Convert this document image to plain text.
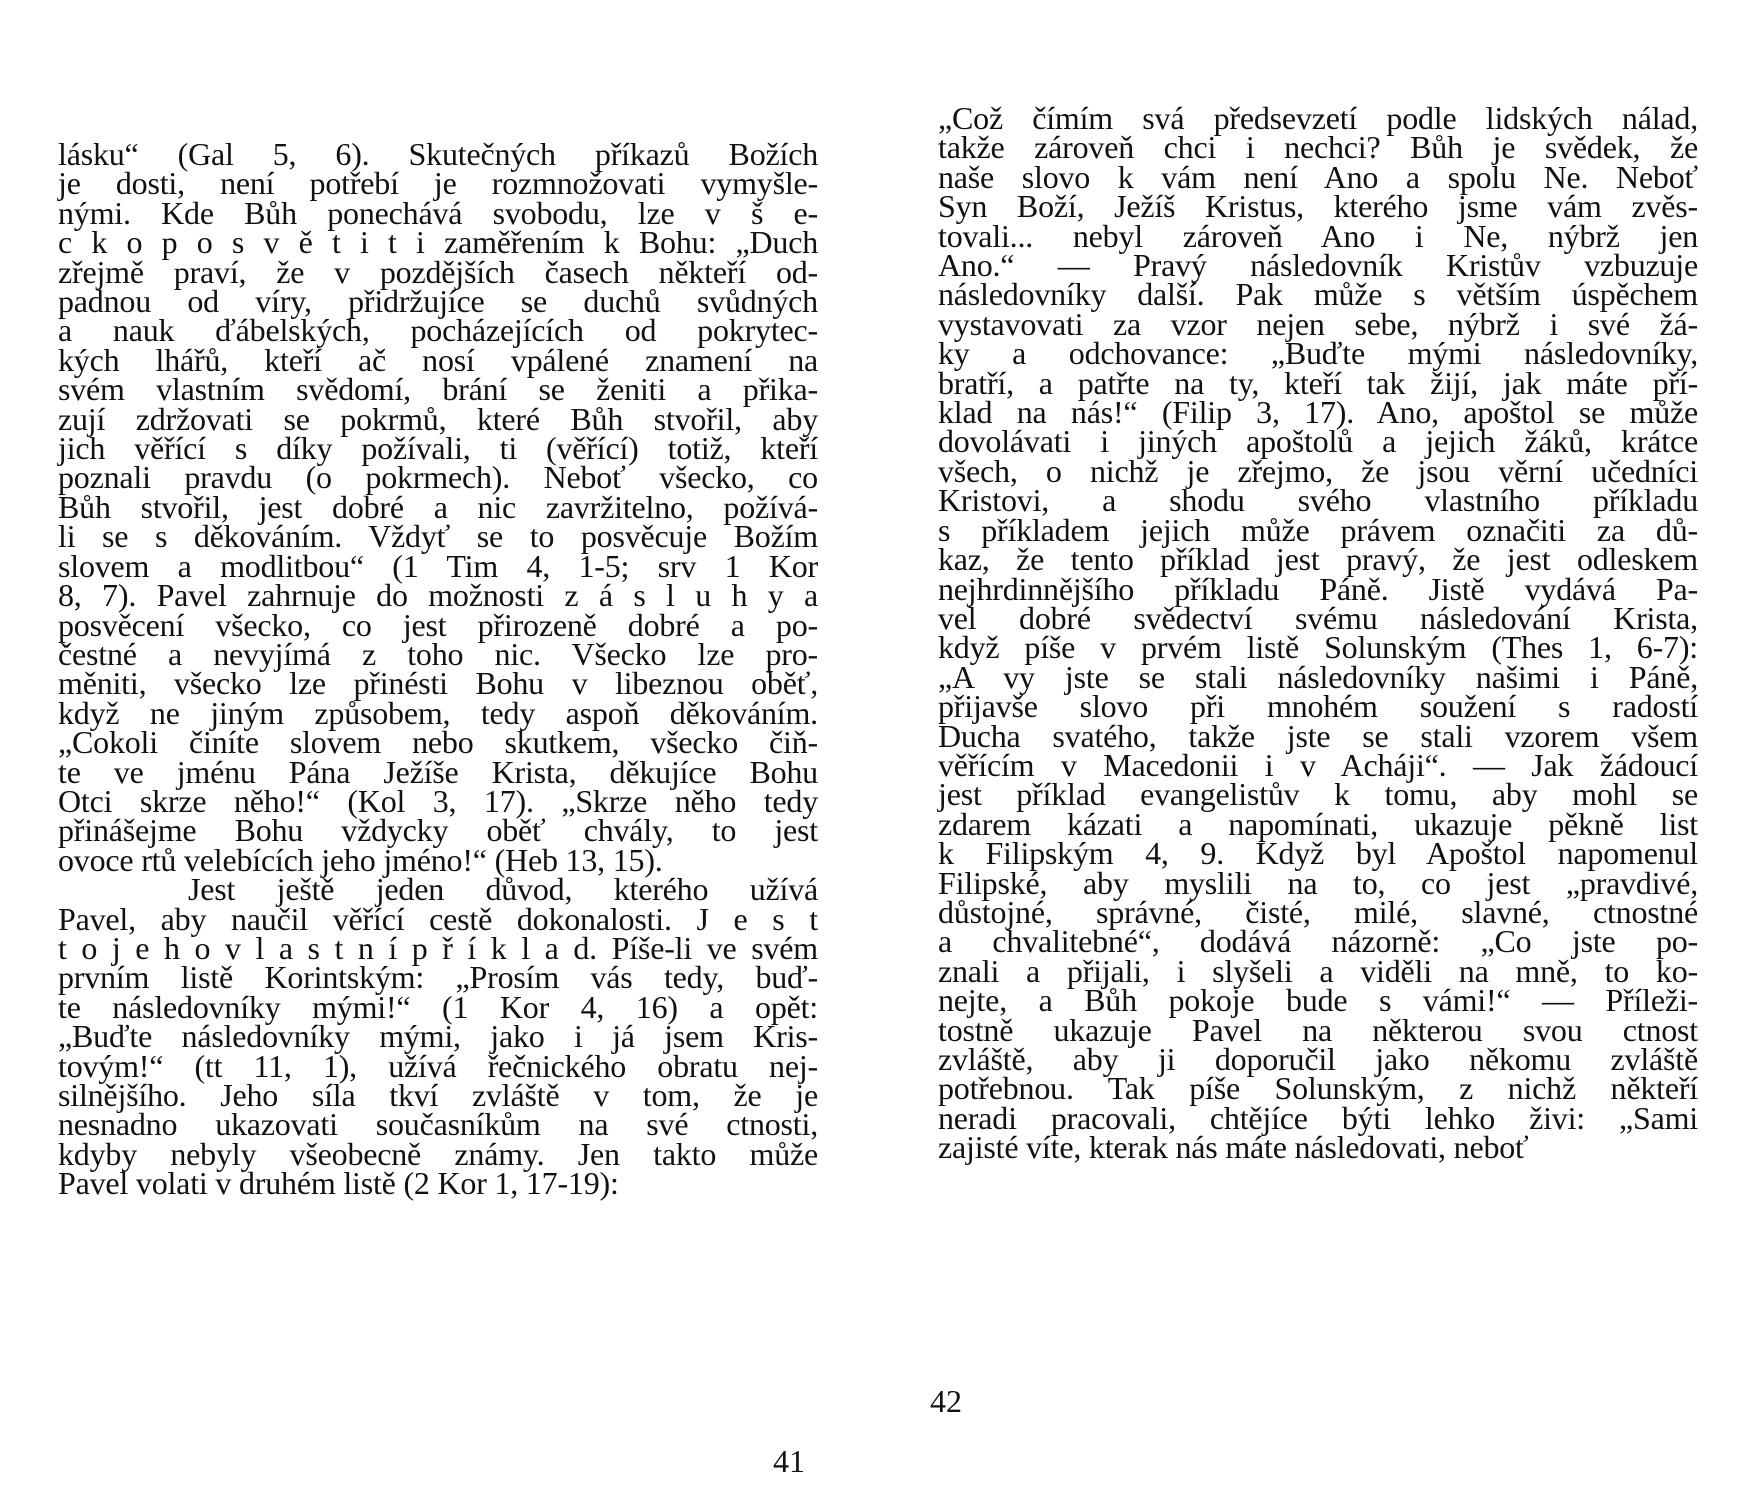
lásku“ (Gal 5, 6). Skutečných příkazů Božích
je dosti, není potřebí je rozmnožovati vymyšle-
nými. Kde Bůh ponechává svobodu, lze v š e-
c k o p o s v ě t i t i zaměřením k Bohu: „Duch
zřejmě praví, že v pozdějších časech někteří od-
padnou od víry, přidržujíce se duchů svůdných
a nauk ďábelských, pocházejících od pokrytec-
kých lhářů, kteří ač nosí vpálené znamení na
svém vlastním svědomí, brání se ženiti a přika-
zují zdržovati se pokrmů, které Bůh stvořil, aby
jich věřící s díky požívali, ti (věřící) totiž, kteří
poznali pravdu (o pokrmech). Neboť všecko, co
Bůh stvořil, jest dobré a nic zavržitelno, požívá-
li se s děkováním. Vždyť se to posvěcuje Božím
slovem a modlitbou“ (1 Tim 4, 1-5; srv 1 Kor
8, 7). Pavel zahrnuje do možnosti z á s l u h y a
posvěcení všecko, co jest přirozeně dobré a po-
čestné a nevyjímá z toho nic. Všecko lze pro-
měniti, všecko lze přinésti Bohu v libeznou oběť,
když ne jiným způsobem, tedy aspoň děkováním.
„Cokoli činíte slovem nebo skutkem, všecko čiň-
te ve jménu Pána Ježíše Krista, děkujíce Bohu
Otci skrze něho!“ (Kol 3, 17). „Skrze něho tedy
přinášejme Bohu vždycky oběť chvály, to jest
ovoce rtů velebících jeho jméno!“ (Heb 13, 15).
Jest ještě jeden důvod, kterého užívá
Pavel, aby naučil věřící cestě dokonalosti. J e s t
t o j e h o v l a s t n í p ř í k l a d. Píše-li ve svém
prvním listě Korintským: „Prosím vás tedy, buď-
te následovníky mými!“ (1 Kor 4, 16) a opět:
„Buďte následovníky mými, jako i já jsem Kris-
tovým!“ (tt 11, 1), užívá řečnického obratu nej-
silnějšího. Jeho síla tkví zvláště v tom, že je
nesnadno ukazovati současníkům na své ctnosti,
kdyby nebyly všeobecně známy. Jen takto může
Pavel volati v druhém listě (2 Kor 1, 17-19):
41
„Což čímím svá předsevzetí podle lidských nálad,
takže zároveň chci i nechci? Bůh je svědek, že
naše slovo k vám není Ano a spolu Ne. Neboť
Syn Boží, Ježíš Kristus, kterého jsme vám zvěs-
tovali... nebyl zároveň Ano i Ne, nýbrž jen
Ano.“ — Pravý následovník Kristův vzbuzuje
následovníky další. Pak může s větším úspěchem
vystavovati za vzor nejen sebe, nýbrž i své žá-
ky a odchovance: „Buďte mými následovníky,
bratří, a patřte na ty, kteří tak žijí, jak máte pří-
klad na nás!“ (Filip 3, 17). Ano, apoštol se může
dovolávati i jiných apoštolů a jejich žáků, krátce
všech, o nichž je zřejmo, že jsou věrní učedníci
Kristovi, a shodu svého vlastního příkladu
s příkladem jejich může právem označiti za dů-
kaz, že tento příklad jest pravý, že jest odleskem
nejhrdinnějšího příkladu Páně. Jistě vydává Pa-
vel dobré svědectví svému následování Krista,
když píše v prvém listě Solunským (Thes 1, 6-7):
„A vy jste se stali následovníky našimi i Páně,
přijavše slovo při mnohém soužení s radostí
Ducha svatého, takže jste se stali vzorem všem
věřícím v Macedonii i v Acháji“. — Jak žádoucí
jest příklad evangelistův k tomu, aby mohl se
zdarem kázati a napomínati, ukazuje pěkně list
k Filipským 4, 9. Když byl Apoštol napomenul
Filipské, aby myslili na to, co jest „pravdivé,
důstojné, správné, čisté, milé, slavné, ctnostné
a chvalitebné“, dodává názorně: „Co jste po-
znali a přijali, i slyšeli a viděli na mně, to ko-
nejte, a Bůh pokoje bude s vámi!“ — Příleži-
tostně ukazuje Pavel na některou svou ctnost
zvláště, aby ji doporučil jako někomu zvláště
potřebnou. Tak píše Solunským, z nichž někteří
neradi pracovali, chtějíce býti lehko živi: „Sami
zajisté víte, kterak nás máte následovati, neboť
42
